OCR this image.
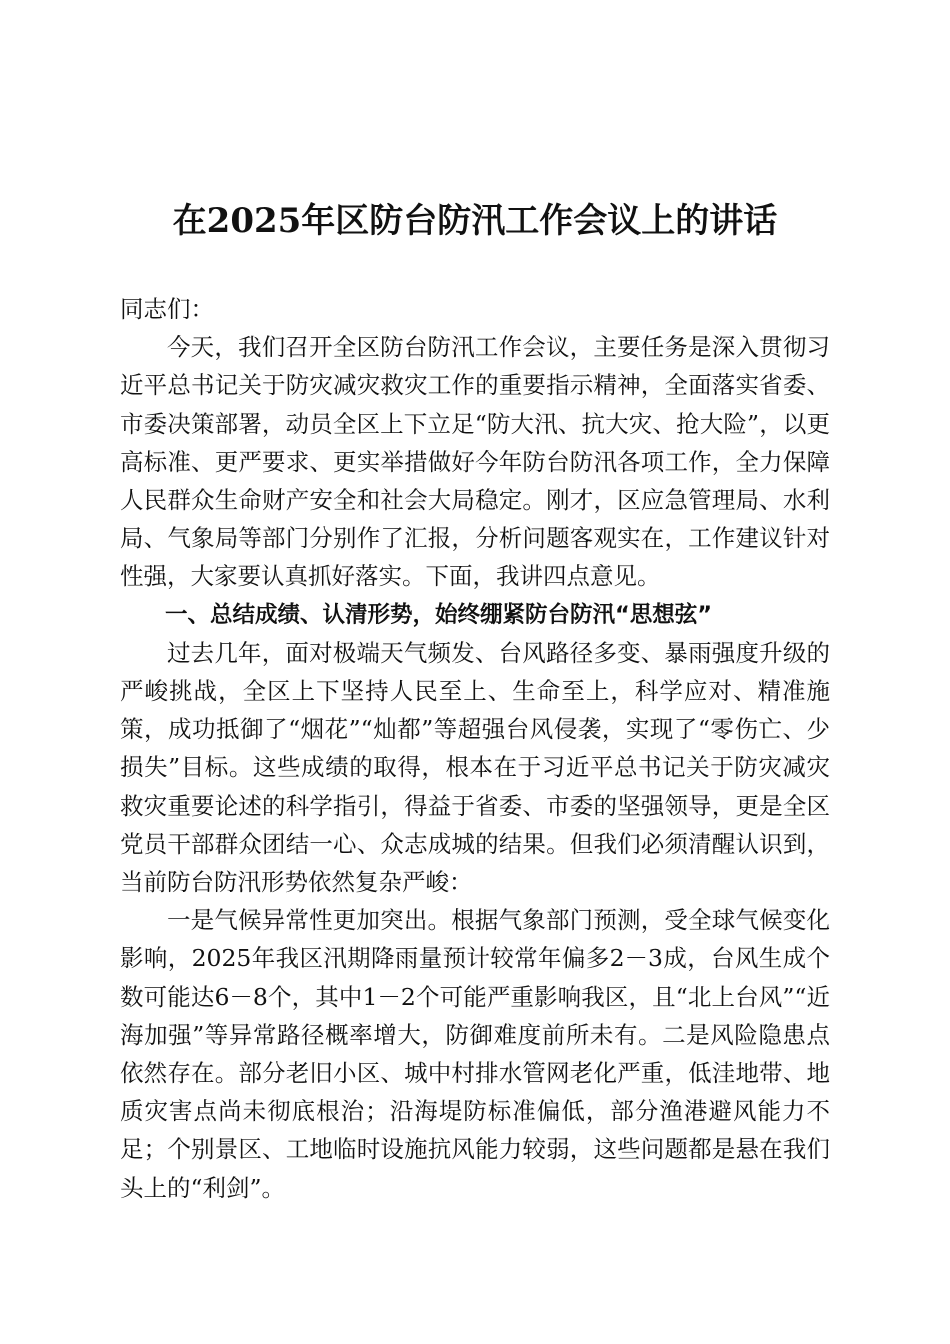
在2025年区防台防汛工作会议上的讲话

同志们：

今天，我们召开全区防台防汛工作会议，主要任务是深入贯彻习近平总书记关于防灾减灾救灾工作的重要指示精神，全面落实省委、市委决策部署，动员全区上下立足“防大汛、抗大灾、抢大险”，以更高标准、更严要求、更实举措做好今年防台防汛各项工作，全力保障人民群众生命财产安全和社会大局稳定。刚才，区应急管理局、水利局、气象局等部门分别作了汇报，分析问题客观实在，工作建议针对性强，大家要认真抓好落实。下面，我讲四点意见。

一、总结成绩、认清形势，始终绷紧防台防汛“思想弦”

过去几年，面对极端天气频发、台风路径多变、暴雨强度升级的严峻挑战，全区上下坚持人民至上、生命至上，科学应对、精准施策，成功抵御了“烟花”“灿都”等超强台风侵袭，实现了“零伤亡、少损失”目标。这些成绩的取得，根本在于习近平总书记关于防灾减灾救灾重要论述的科学指引，得益于省委、市委的坚强领导，更是全区党员干部群众团结一心、众志成城的结果。但我们必须清醒认识到，当前防台防汛形势依然复杂严峻：

一是气候异常性更加突出。根据气象部门预测，受全球气候变化影响，2025年我区汛期降雨量预计较常年偏多2－3成，台风生成个数可能达6－8个，其中1－2个可能严重影响我区，且“北上台风”“近海加强”等异常路径概率增大，防御难度前所未有。二是风险隐患点依然存在。部分老旧小区、城中村排水管网老化严重，低洼地带、地质灾害点尚未彻底根治；沿海堤防标准偏低，部分渔港避风能力不足；个别景区、工地临时设施抗风能力较弱，这些问题都是悬在我们头上的“利剑”。
